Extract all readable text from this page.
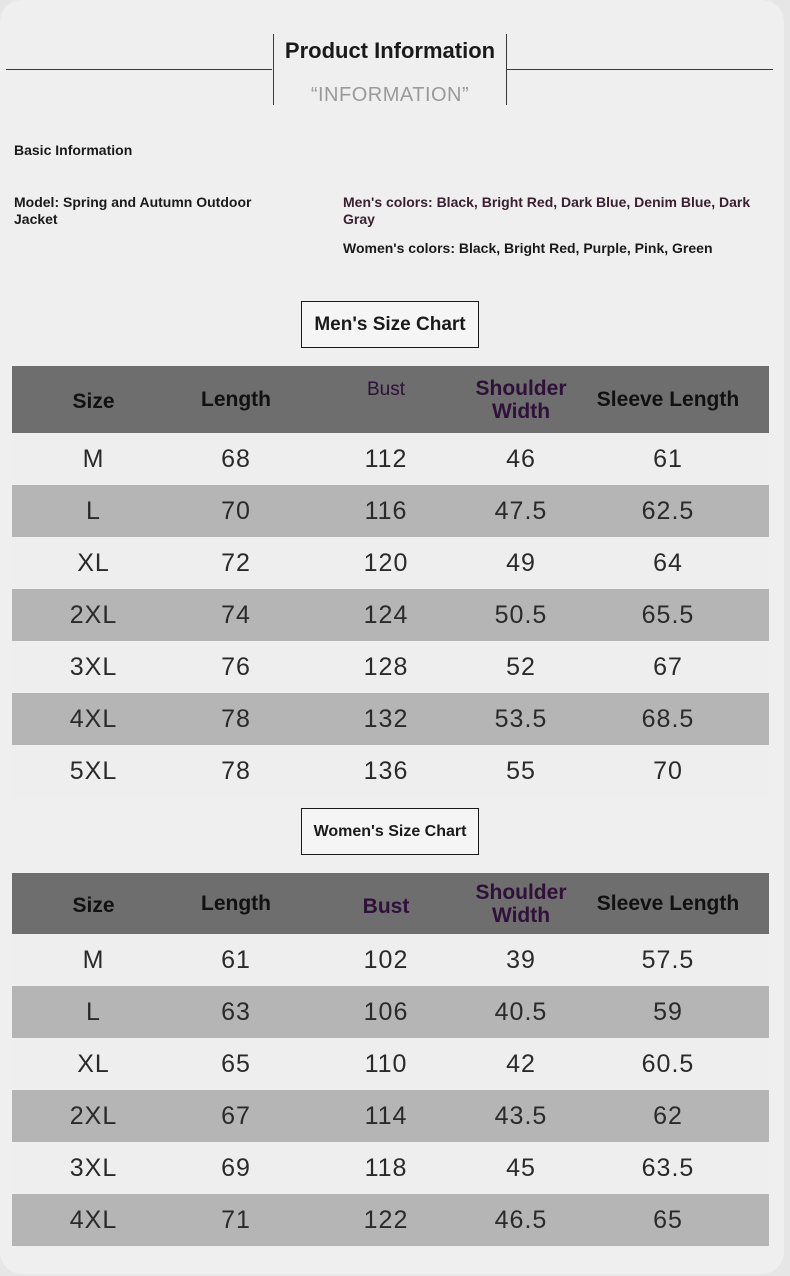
Product Information
“INFORMATION”
Basic Information
Model: Spring and Autumn Outdoor Jacket
Men's colors: Black, Bright Red, Dark Blue, Denim Blue, Dark Gray
Women's colors: Black, Bright Red, Purple, Pink, Green
Men's Size Chart
Size	Length	Bust	Shoulder Width	Sleeve Length
M	68	112	46	61
L	70	116	47.5	62.5
XL	72	120	49	64
2XL	74	124	50.5	65.5
3XL	76	128	52	67
4XL	78	132	53.5	68.5
5XL	78	136	55	70
Women's Size Chart
Size	Length	Bust	Shoulder Width	Sleeve Length
M	61	102	39	57.5
L	63	106	40.5	59
XL	65	110	42	60.5
2XL	67	114	43.5	62
3XL	69	118	45	63.5
4XL	71	122	46.5	65
